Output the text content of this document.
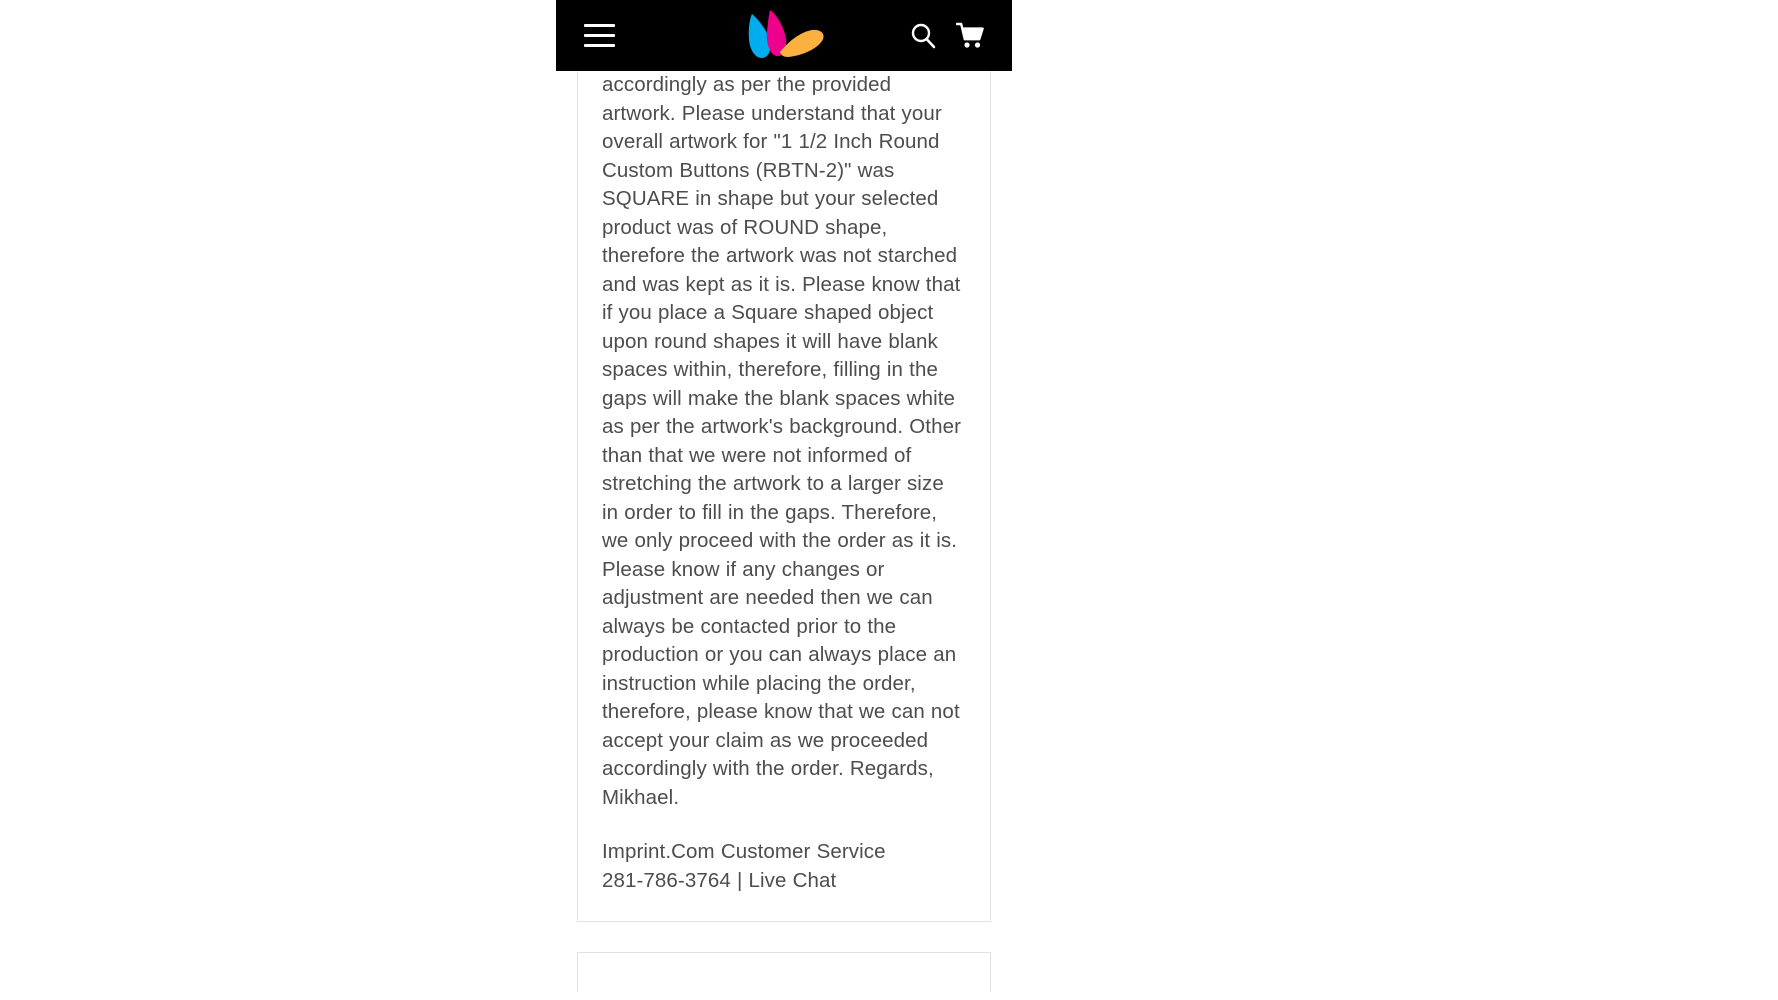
accordingly as per the provided artwork. Please understand that your overall artwork for "1 1/2 Inch Round Custom Buttons (RBTN-2)" was SQUARE in shape but your selected product was of ROUND shape, therefore the artwork was not starched and was kept as it is. Please know that if you place a Square shaped object upon round shapes it will have blank spaces within, therefore, filling in the gaps will make the blank spaces white as per the artwork's background. Other than that we were not informed of stretching the artwork to a larger size in order to fill in the gaps. Therefore, we only proceed with the order as it is. Please know if any changes or adjustment are needed then we can always be contacted prior to the production or you can always place an instruction while placing the order, therefore, please know that we can not accept your claim as we proceeded accordingly with the order. Regards, Mikhael.

Imprint.Com Customer Service
281-786-3764 | Live Chat
